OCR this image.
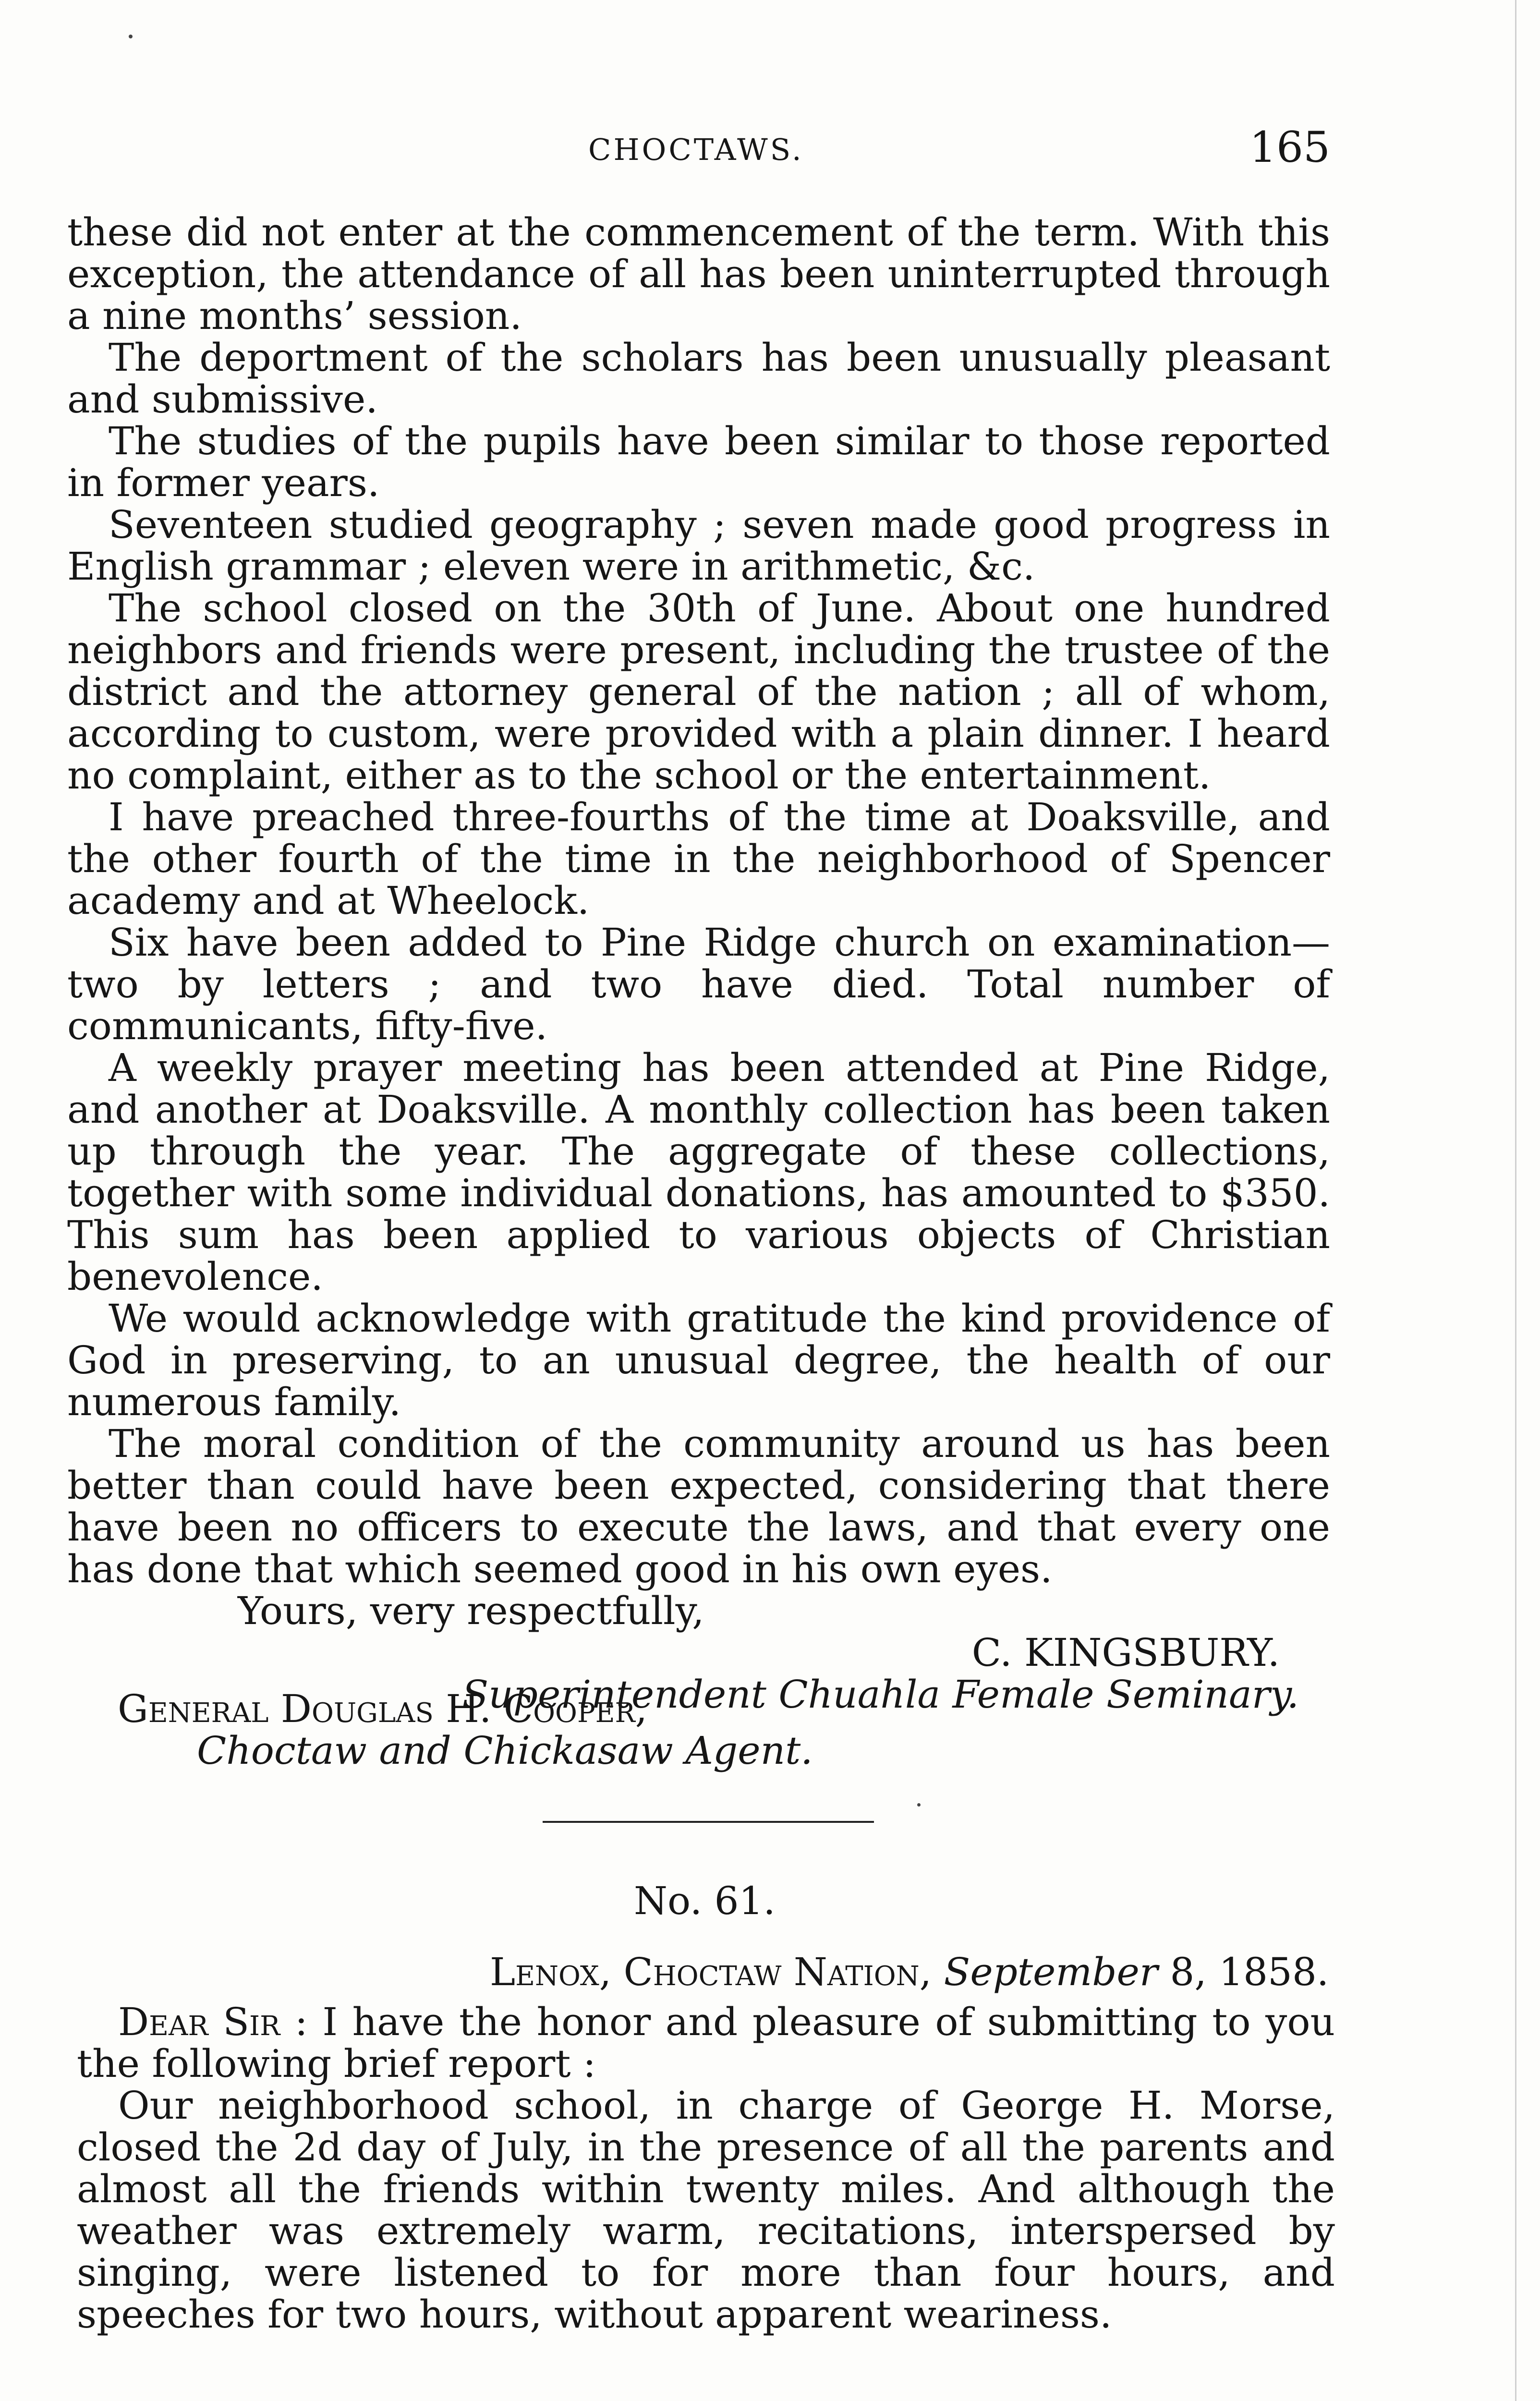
CHOCTAWS.	165

these did not enter at the commencement of the term. With this exception, the attendance of all has been uninterrupted through a nine months’ session.

The deportment of the scholars has been unusually pleasant and submissive.

The studies of the pupils have been similar to those reported in former years.

Seventeen studied geography ; seven made good progress in English grammar ; eleven were in arithmetic, &c.

The school closed on the 30th of June. About one hundred neighbors and friends were present, including the trustee of the district and the attorney general of the nation ; all of whom, according to custom, were provided with a plain dinner. I heard no complaint, either as to the school or the entertainment.

I have preached three-fourths of the time at Doaksville, and the other fourth of the time in the neighborhood of Spencer academy and at Wheelock.

Six have been added to Pine Ridge church on examination—two by letters ; and two have died. Total number of communicants, fifty-five.

A weekly prayer meeting has been attended at Pine Ridge, and another at Doaksville. A monthly collection has been taken up through the year. The aggregate of these collections, together with some individual donations, has amounted to $350. This sum has been applied to various objects of Christian benevolence.

We would acknowledge with gratitude the kind providence of God in preserving, to an unusual degree, the health of our numerous family.

The moral condition of the community around us has been better than could have been expected, considering that there have been no officers to execute the laws, and that every one has done that which seemed good in his own eyes.

Yours, very respectfully,

C. KINGSBURY.

Superintendent Chuahla Female Seminary.

General Douglas H. Cooper,

Choctaw and Chickasaw Agent.

No. 61.
Lenox, Choctaw Nation, September 8, 1858.

Dear Sir : I have the honor and pleasure of submitting to you the following brief report :

Our neighborhood school, in charge of George H. Morse, closed the 2d day of July, in the presence of all the parents and almost all the friends within twenty miles. And although the weather was extremely warm, recitations, interspersed by singing, were listened to for more than four hours, and speeches for two hours, without apparent weariness.
